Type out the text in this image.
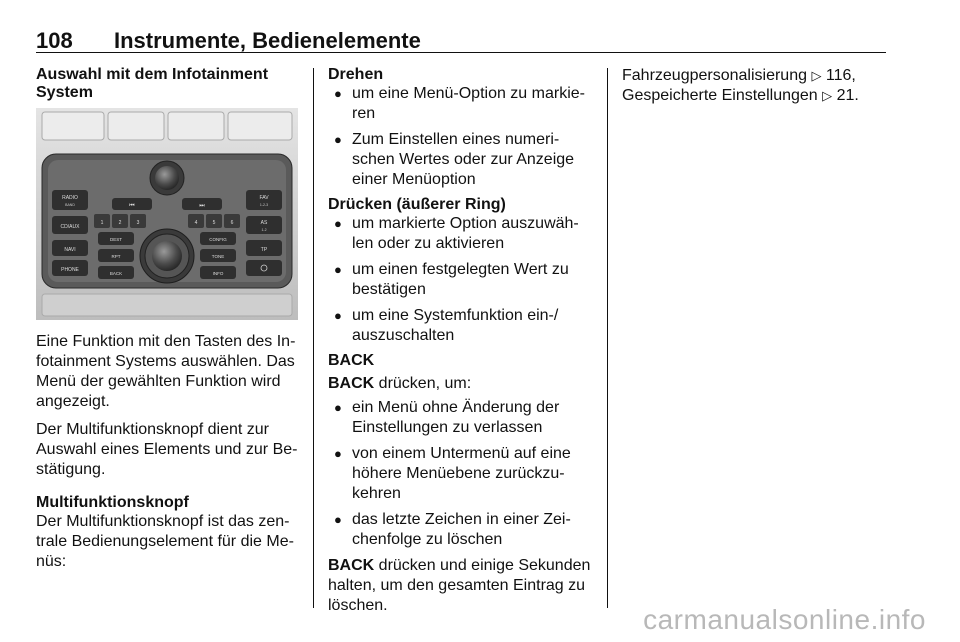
108 Instrumente, Bedienelemente
Auswahl mit dem Infotainment System
RADIO
BAND
CD/AUX
NAVI
PHONE
FAV
1-2-3
AS
1-2
TP
⏮	⏭
1	2	3	4	5	6
DEST
RPT
BACK
CONFIG
TONE
INFO

Eine Funktion mit den Tasten des In-fotainment Systems auswählen. Das Menü der gewählten Funktion wird angezeigt.

Der Multifunktionsknopf dient zur Auswahl eines Elements und zur Be-stätigung.

Multifunktionsknopf

Der Multifunktionsknopf ist das zen-trale Bedienungselement für die Me-nüs:

Drehen
● um eine Menü-Option zu markie-ren
● Zum Einstellen eines numeri-schen Wertes oder zur Anzeige einer Menüoption
Drücken (äußerer Ring)
● um markierte Option auszuwäh-len oder zu aktivieren
● um einen festgelegten Wert zu bestätigen
● um eine Systemfunktion ein-/ auszuschalten
BACK

BACK drücken, um:

● ein Menü ohne Änderung der Einstellungen zu verlassen
● von einem Untermenü auf eine höhere Menüebene zurückzu-kehren
● das letzte Zeichen in einer Zei-chenfolge zu löschen

BACK drücken und einige Sekunden halten, um den gesamten Eintrag zu löschen.

Fahrzeugpersonalisierung ▷ 116,
Gespeicherte Einstellungen ▷ 21.

carmanualsonline.info
